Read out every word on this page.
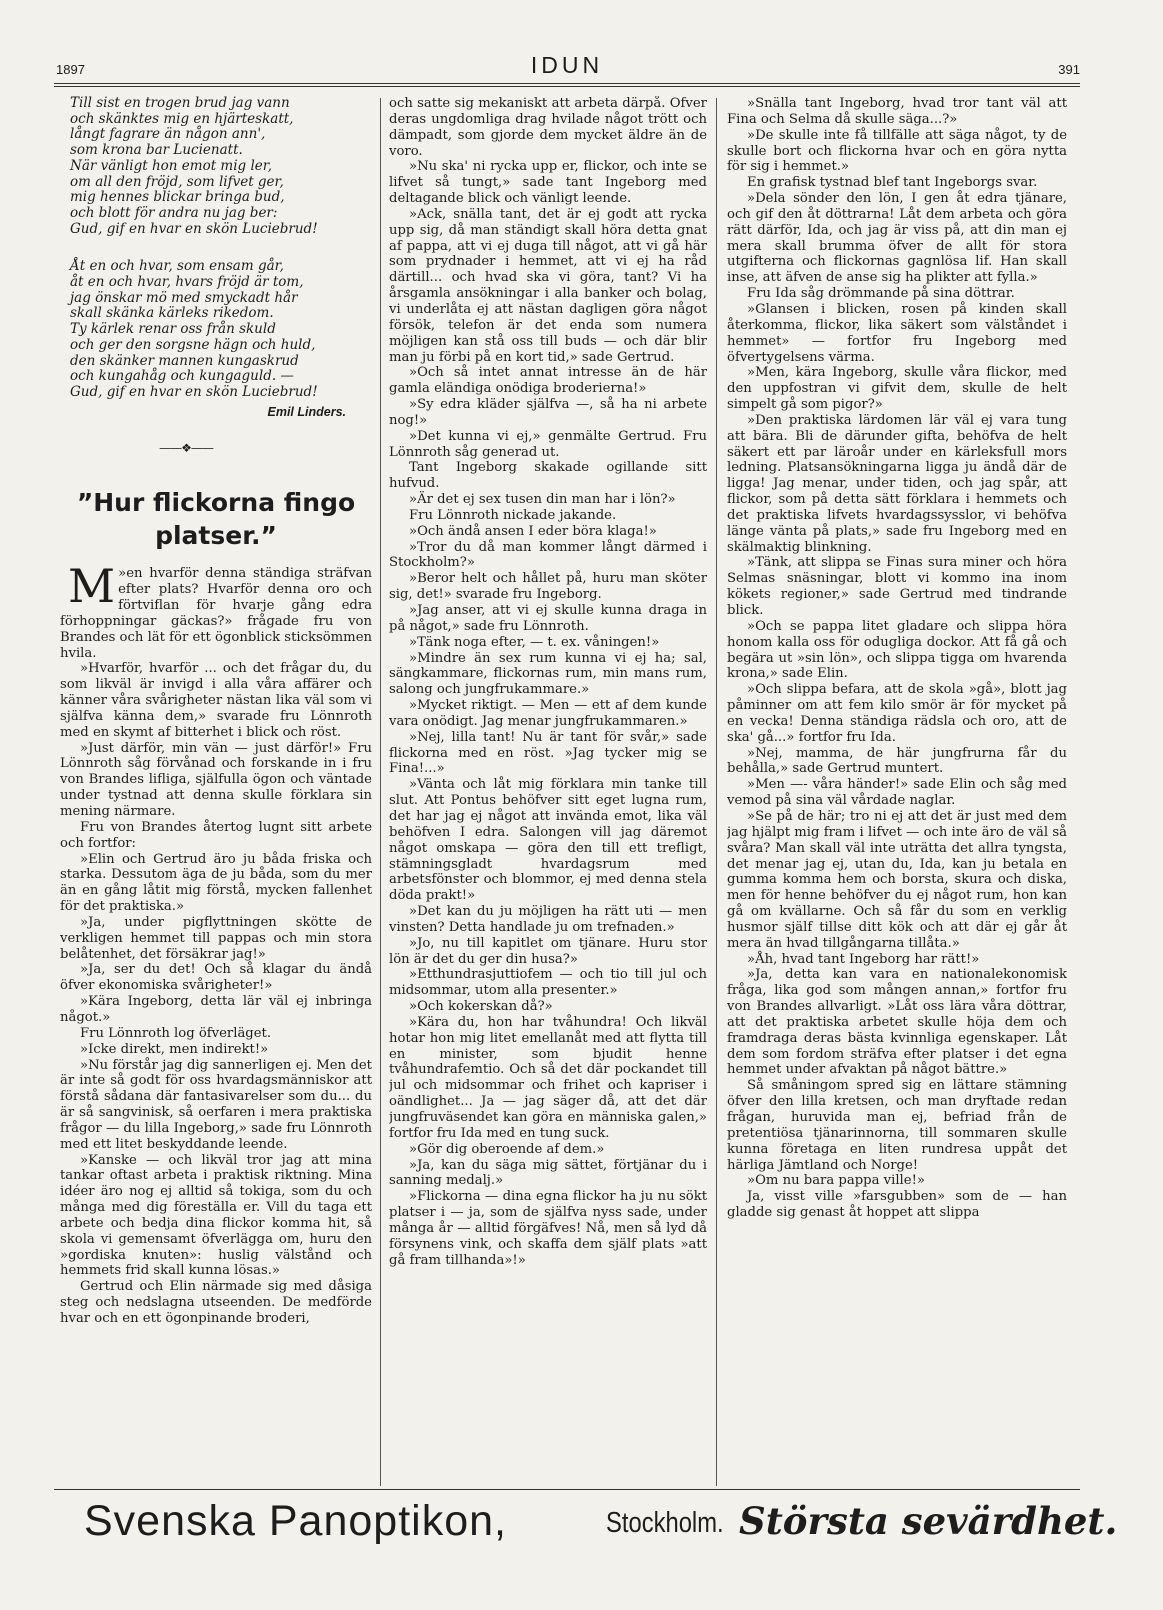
1897	IDUN	391
Till sist en trogen brud jag vann
och skänktes mig en hjärteskatt,
långt fagrare än någon ann',
som krona bar Lucienatt.
När vänligt hon emot mig ler,
om all den fröjd, som lifvet ger,
mig hennes blickar bringa bud,
och blott för andra nu jag ber:
Gud, gif en hvar en skön Luciebrud!
Åt en och hvar, som ensam går,
åt en och hvar, hvars fröjd är tom,
jag önskar mö med smyckadt hår
skall skänka kärleks rikedom.
Ty kärlek renar oss från skuld
och ger den sorgsne hägn och huld,
den skänker mannen kungaskrud
och kungahåg och kungaguld. —
Gud, gif en hvar en skön Luciebrud!
Emil Linders.
——❖——
”Hur flickorna fingo
platser.”

»
M en hvarför denna ständiga sträfvan efter plats? Hvarför denna oro och förtviflan för hvarje gång edra förhoppningar gäckas?» frågade fru von Brandes och lät för ett ögonblick sticksömmen hvila.

»Hvarför, hvarför ... och det frågar du, du som likväl är invigd i alla våra affärer och känner våra svårigheter nästan lika väl som vi själfva känna dem,» svarade fru Lönnroth med en skymt af bitterhet i blick och röst.

»Just därför, min vän — just därför!» Fru Lönnroth såg förvånad och forskande in i fru von Brandes lifliga, själfulla ögon och väntade under tystnad att denna skulle förklara sin mening närmare.

Fru von Brandes återtog lugnt sitt arbete och fortfor:

»Elin och Gertrud äro ju båda friska och starka. Dessutom äga de ju båda, som du mer än en gång låtit mig förstå, mycken fallenhet för det praktiska.»

»Ja, under pigflyttningen skötte de verkligen hemmet till pappas och min stora belåtenhet, det försäkrar jag!»

»Ja, ser du det! Och så klagar du ändå öfver ekonomiska svårigheter!»

»Kära Ingeborg, detta lär väl ej inbringa något.»

Fru Lönnroth log öfverläget.

»Icke direkt, men indirekt!»

»Nu förstår jag dig sannerligen ej. Men det är inte så godt för oss hvardagsmänniskor att förstå sådana där fantasivarelser som du... du är så sangvinisk, så oerfaren i mera praktiska frågor — du lilla Ingeborg,» sade fru Lönnroth med ett litet beskyddande leende.

»Kanske — och likväl tror jag att mina tankar oftast arbeta i praktisk riktning. Mina idéer äro nog ej alltid så tokiga, som du och många med dig föreställa er. Vill du taga ett arbete och bedja dina flickor komma hit, så skola vi gemensamt öfverlägga om, huru den »gordiska knuten»: huslig välstånd och hemmets frid skall kunna lösas.»

Gertrud och Elin närmade sig med dåsiga steg och nedslagna utseenden. De medförde hvar och en ett ögonpinande broderi,

och satte sig mekaniskt att arbeta därpå. Öfver deras ungdomliga drag hvilade något trött och dämpadt, som gjorde dem mycket äldre än de voro.

»Nu ska' ni rycka upp er, flickor, och inte se lifvet så tungt,» sade tant Ingeborg med deltagande blick och vänligt leende.

»Ack, snälla tant, det är ej godt att rycka upp sig, då man ständigt skall höra detta gnat af pappa, att vi ej duga till något, att vi gå här som prydnader i hemmet, att vi ej ha råd därtill... och hvad ska vi göra, tant? Vi ha årsgamla ansökningar i alla banker och bolag, vi underlåta ej att nästan dagligen göra något försök, telefon är det enda som numera möjligen kan stå oss till buds — och där blir man ju förbi på en kort tid,» sade Gertrud.

»Och så intet annat intresse än de här gamla eländiga onödiga broderierna!»

»Sy edra kläder själfva —, så ha ni arbete nog!»

»Det kunna vi ej,» genmälte Gertrud. Fru Lönnroth såg generad ut.

Tant Ingeborg skakade ogillande sitt hufvud.

»Är det ej sex tusen din man har i lön?»

Fru Lönnroth nickade jakande.

»Och ändå ansen I eder böra klaga!»

»Tror du då man kommer långt därmed i Stockholm?»

»Beror helt och hållet på, huru man sköter sig, det!» svarade fru Ingeborg.

»Jag anser, att vi ej skulle kunna draga in på något,» sade fru Lönnroth.

»Tänk noga efter, — t. ex. våningen!»

»Mindre än sex rum kunna vi ej ha; sal, sängkammare, flickornas rum, min mans rum, salong och jungfrukammare.»

»Mycket riktigt. — Men — ett af dem kunde vara onödigt. Jag menar jungfrukammaren.»

»Nej, lilla tant! Nu är tant för svår,» sade flickorna med en röst. »Jag tycker mig se Fina!...»

»Vänta och låt mig förklara min tanke till slut. Att Pontus behöfver sitt eget lugna rum, det har jag ej något att invända emot, lika väl behöfven I edra. Salongen vill jag däremot något omskapa — göra den till ett trefligt, stämningsgladt hvardagsrum med arbetsfönster och blommor, ej med denna stela döda prakt!»

»Det kan du ju möjligen ha rätt uti — men vinsten? Detta handlade ju om trefnaden.»

»Jo, nu till kapitlet om tjänare. Huru stor lön är det du ger din husa?»

»Etthundrasjuttiofem — och tio till jul och midsommar, utom alla presenter.»

»Och kokerskan då?»

»Kära du, hon har tvåhundra! Och likväl hotar hon mig litet emellanåt med att flytta till en minister, som bjudit henne tvåhundrafemtio. Och så det där pockandet till jul och midsommar och frihet och kapriser i oändlighet... Ja — jag säger då, att det där jungfruväsendet kan göra en människa galen,» fortfor fru Ida med en tung suck.

»Gör dig oberoende af dem.»

»Ja, kan du säga mig sättet, förtjänar du i sanning medalj.»

»Flickorna — dina egna flickor ha ju nu sökt platser i — ja, som de själfva nyss sade, under många år — alltid förgäfves! Nå, men så lyd då försynens vink, och skaffa dem själf plats »att gå fram tillhanda»!»

»Snälla tant Ingeborg, hvad tror tant väl att Fina och Selma då skulle säga...?»

»De skulle inte få tillfälle att säga något, ty de skulle bort och flickorna hvar och en göra nytta för sig i hemmet.»

En grafisk tystnad blef tant Ingeborgs svar.

»Dela sönder den lön, I gen åt edra tjänare, och gif den åt döttrarna! Låt dem arbeta och göra rätt därför, Ida, och jag är viss på, att din man ej mera skall brumma öfver de allt för stora utgifterna och flickornas gagnlösa lif. Han skall inse, att äfven de anse sig ha plikter att fylla.»

Fru Ida såg drömmande på sina döttrar.

»Glansen i blicken, rosen på kinden skall återkomma, flickor, lika säkert som välståndet i hemmet» — fortfor fru Ingeborg med öfvertygelsens värma.

»Men, kära Ingeborg, skulle våra flickor, med den uppfostran vi gifvit dem, skulle de helt simpelt gå som pigor?»

»Den praktiska lärdomen lär väl ej vara tung att bära. Bli de därunder gifta, behöfva de helt säkert ett par läroår under en kärleksfull mors ledning. Platsansökningarna ligga ju ändå där de ligga! Jag menar, under tiden, och jag spår, att flickor, som på detta sätt förklara i hemmets och det praktiska lifvets hvardagssysslor, vi behöfva länge vänta på plats,» sade fru Ingeborg med en skälmaktig blinkning.

»Tänk, att slippa se Finas sura miner och höra Selmas snäsningar, blott vi kommo ina inom kökets regioner,» sade Gertrud med tindrande blick.

»Och se pappa litet gladare och slippa höra honom kalla oss för odugliga dockor. Att få gå och begära ut »sin lön», och slippa tigga om hvarenda krona,» sade Elin.

»Och slippa befara, att de skola »gå», blott jag påminner om att fem kilo smör är för mycket på en vecka! Denna ständiga rädsla och oro, att de ska' gå...» fortfor fru Ida.

»Nej, mamma, de här jungfrurna får du behålla,» sade Gertrud muntert.

»Men —- våra händer!» sade Elin och såg med vemod på sina väl vårdade naglar.

»Se på de här; tro ni ej att det är just med dem jag hjälpt mig fram i lifvet — och inte äro de väl så svåra? Man skall väl inte uträtta det allra tyngsta, det menar jag ej, utan du, Ida, kan ju betala en gumma komma hem och borsta, skura och diska, men för henne behöfver du ej något rum, hon kan gå om kvällarne. Och så får du som en verklig husmor själf tillse ditt kök och att där ej går åt mera än hvad tillgångarna tillåta.»

»Åh, hvad tant Ingeborg har rätt!»

»Ja, detta kan vara en nationalekonomisk fråga, lika god som mången annan,» fortfor fru von Brandes allvarligt. »Låt oss lära våra döttrar, att det praktiska arbetet skulle höja dem och framdraga deras bästa kvinnliga egenskaper. Låt dem som fordom sträfva efter platser i det egna hemmet under afvaktan på något bättre.»

Så småningom spred sig en lättare stämning öfver den lilla kretsen, och man dryftade redan frågan, huruvida man ej, befriad från de pretentiösa tjänarinnorna, till sommaren skulle kunna företaga en liten rundresa uppåt det härliga Jämtland och Norge!

»Om nu bara pappa ville!»

Ja, visst ville »farsgubben» som de — han gladde sig genast åt hoppet att slippa

Svenska Panoptikon,	Stockholm. Största sevärdhet.
